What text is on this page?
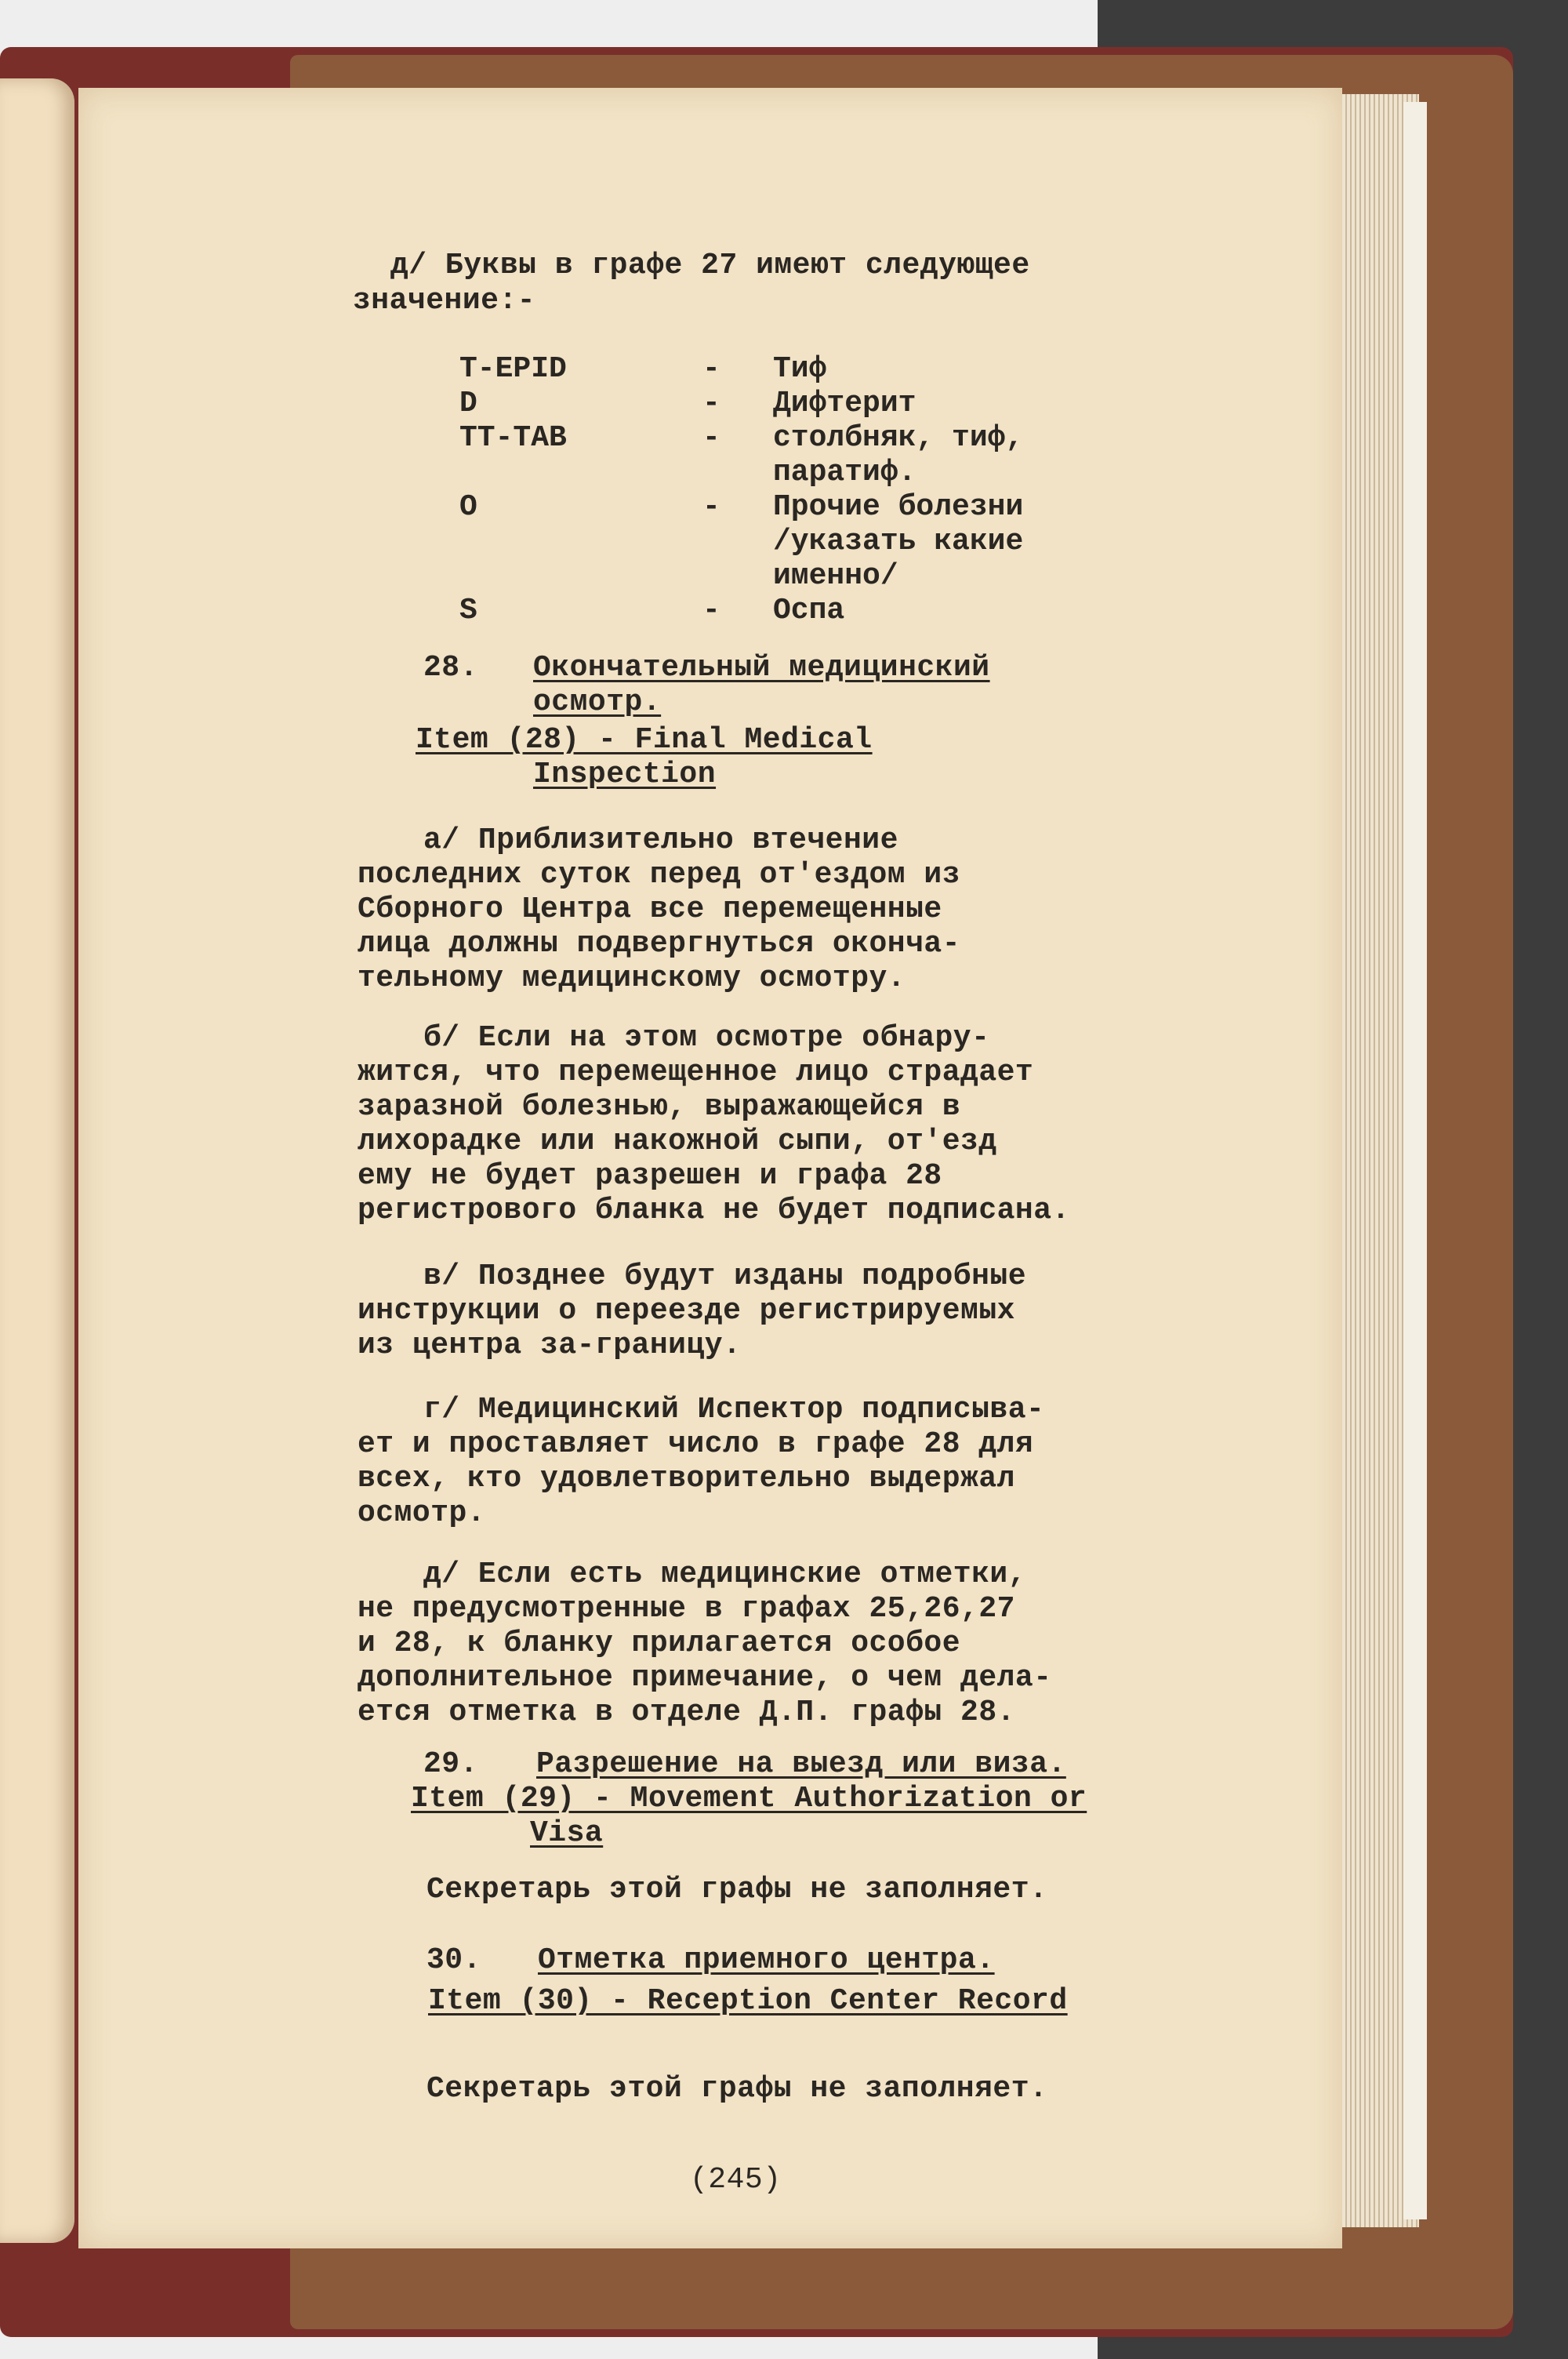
д/ Буквы в графе 27 имеют следующее
значение:-
T-EPID	- Тиф
D	- Дифтерит
TT-TAB	- столбняк, тиф,
паратиф.
O	- Прочие болезни
/указать какие
именно/
S	- Оспа
28. Окончательный медицинский
осмотр.
Item (28) - Final Medical
Inspection
а/ Приблизительно втечение
последних суток перед от'ездом из
Сборного Центра все перемещенные
лица должны подвергнуться оконча-
тельному медицинскому осмотру.
б/ Если на этом осмотре обнару-
жится, что перемещенное лицо страдает
заразной болезнью, выражающейся в
лихорадке или накожной сыпи, от'езд
ему не будет разрешен и графа 28
регистрового бланка не будет подписана.
в/ Позднее будут изданы подробные
инструкции о переезде регистрируемых
из центра за-границу.
г/ Медицинский Испектор подписыва-
ет и проставляет число в графе 28 для
всех, кто удовлетворительно выдержал
осмотр.
д/ Если есть медицинские отметки,
не предусмотренные в графах 25,26,27
и 28, к бланку прилагается особое
дополнительное примечание, о чем дела-
ется отметка в отделе Д.П. графы 28.
29. Разрешение на выезд или виза.
Item (29) - Movement Authorization or
Visa
Секретарь этой графы не заполняет.
30. Отметка приемного центра.
Item (30) - Reception Center Record
Секретарь этой графы не заполняет.
(245)
